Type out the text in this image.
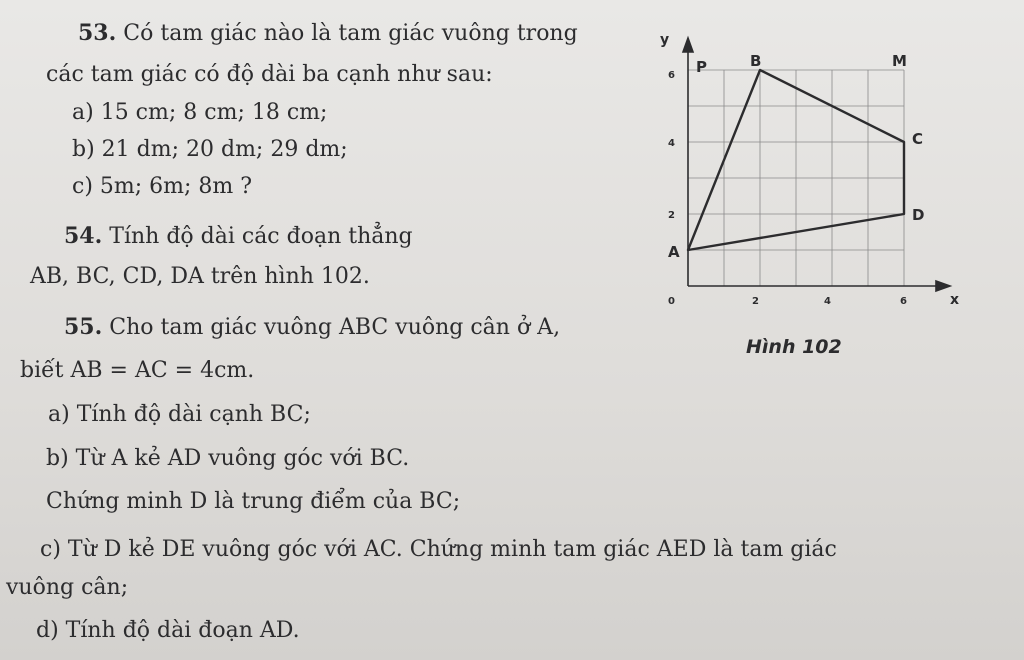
53. Có tam giác nào là tam giác vuông trong
các tam giác có độ dài ba cạnh như sau:
a) 15 cm; 8 cm; 18 cm;
b) 21 dm; 20 dm; 29 dm;
c) 5m; 6m; 8m ?
54. Tính độ dài các đoạn thẳng
AB, BC, CD, DA trên hình 102.
55. Cho tam giác vuông ABC vuông cân ở A,
biết AB = AC = 4cm.
a) Tính độ dài cạnh BC;
b) Từ A kẻ AD vuông góc với BC.
Chứng minh D là trung điểm của BC;
c) Từ D kẻ DE vuông góc với AC. Chứng minh tam giác AED là tam giác
vuông cân;
d) Tính độ dài đoạn AD.
y
x
0	2	4	6
2
4
6
A
B
C
D
P	M
Hình 102
